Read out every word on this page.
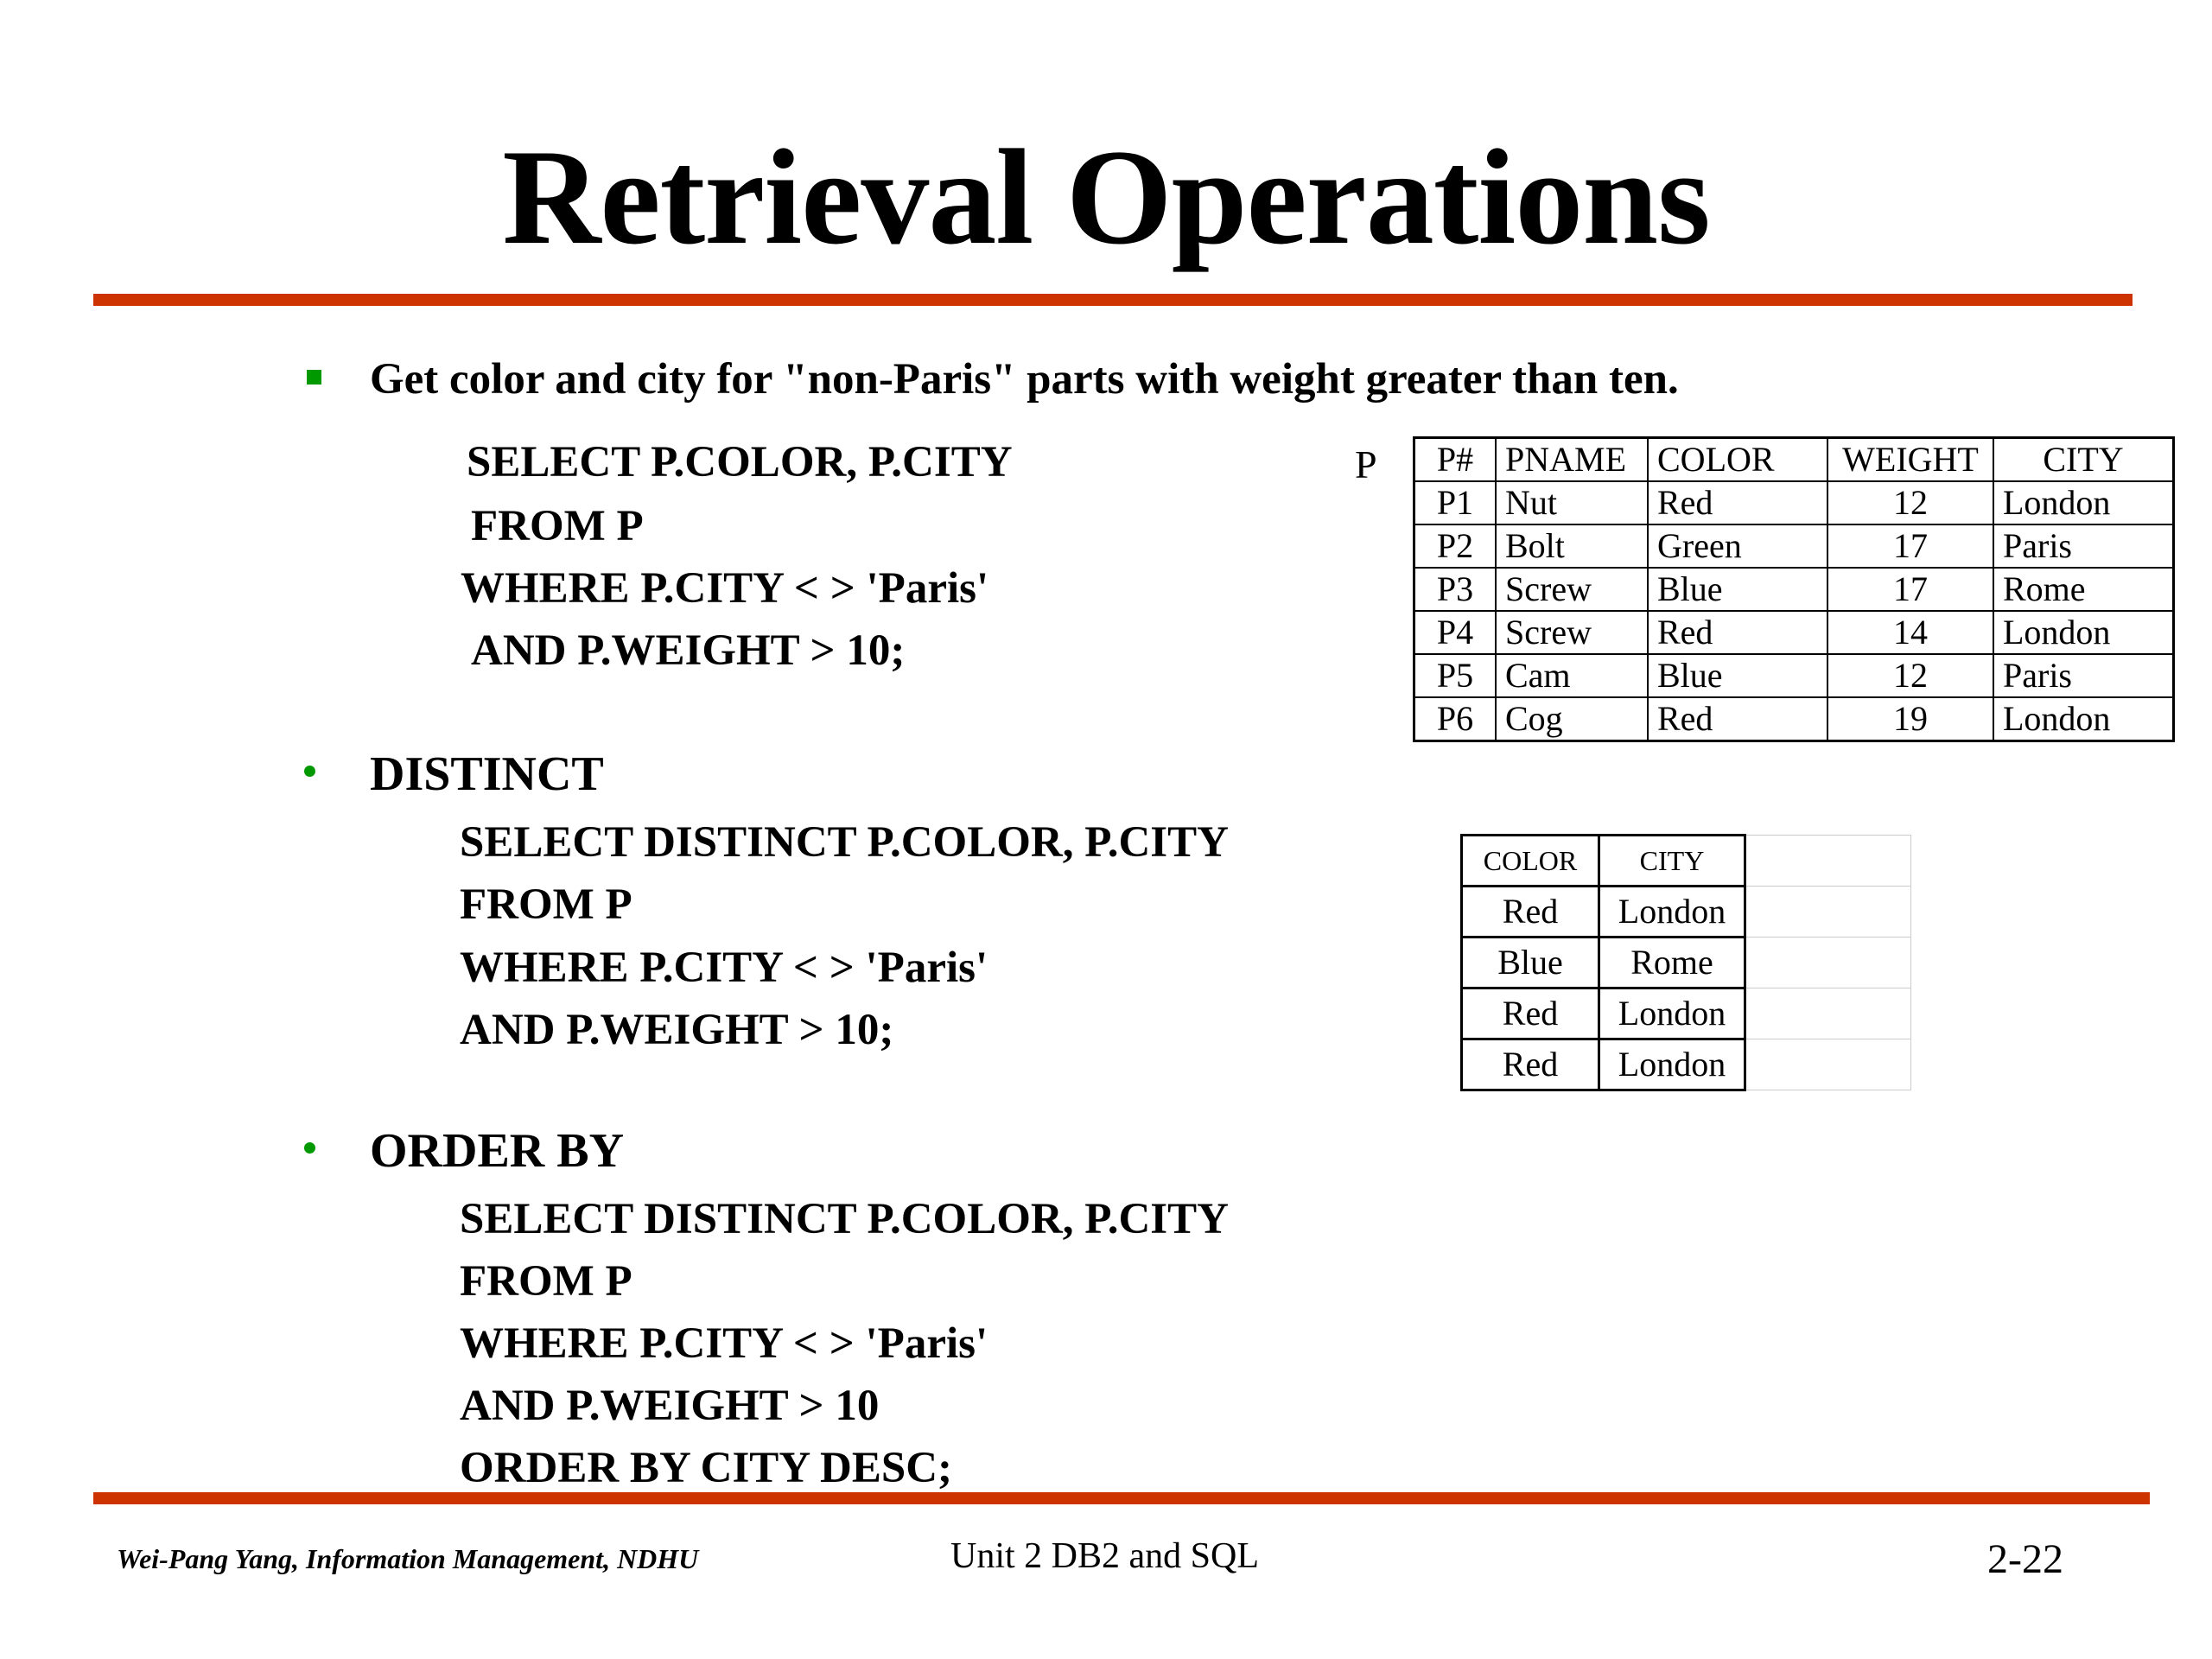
Retrieval Operations
Get color and city for "non-Paris" parts with weight greater than ten.
SELECT P.COLOR, P.CITY
FROM P
WHERE P.CITY < > 'Paris'
AND P.WEIGHT > 10;
DISTINCT
SELECT DISTINCT P.COLOR, P.CITY
FROM P
WHERE P.CITY < > 'Paris'
AND P.WEIGHT > 10;
ORDER BY
SELECT DISTINCT P.COLOR, P.CITY
FROM P
WHERE P.CITY < > 'Paris'
AND P.WEIGHT > 10
ORDER BY CITY DESC;
P P#	PNAME	COLOR	WEIGHT	CITY
P1	Nut	Red	12	London
P2	Bolt	Green	17	Paris
P3	Screw	Blue	17	Rome
P4	Screw	Red	14	London
P5	Cam	Blue	12	Paris
P6	Cog	Red	19	London
COLOR	CITY	
Red	London	
Blue	Rome	
Red	London	
Red	London	
Wei-Pang Yang, Information Management, NDHU	Unit 2 DB2 and SQL	2-22
